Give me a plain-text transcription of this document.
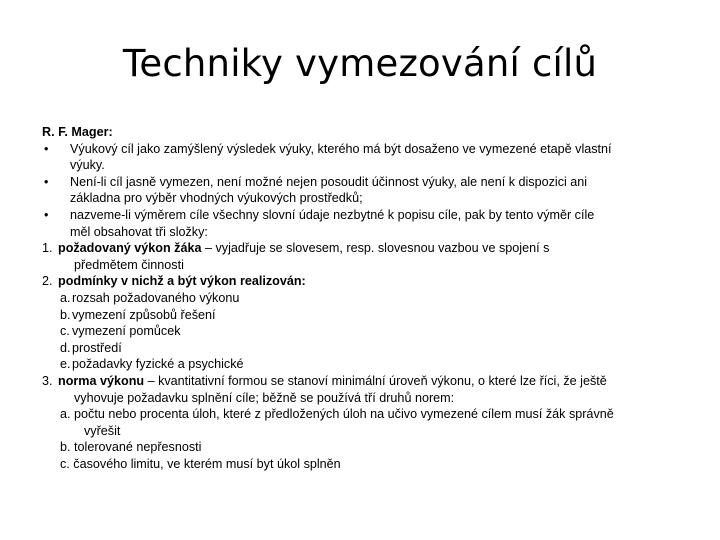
Techniky vymezování cílů
R. F. Mager:
• Výukový cíl jako zamýšlený výsledek výuky, kterého má být dosaženo ve vymezené etapě vlastní
výuky.
• Není-li cíl jasně vymezen, není možné nejen posoudit účinnost výuky, ale není k dispozici ani
základna pro výběr vhodných výukových prostředků;
• nazveme-li výměrem cíle všechny slovní údaje nezbytné k popisu cíle, pak by tento výměr cíle
měl obsahovat tři složky:
1. požadovaný výkon žáka – vyjadřuje se slovesem, resp. slovesnou vazbou ve spojení s
předmětem činnosti
2. podmínky v nichž a být výkon realizován:
a. rozsah požadovaného výkonu
b. vymezení způsobů řešení
c. vymezení pomůcek
d. prostředí
e. požadavky fyzické a psychické
3. norma výkonu – kvantitativní formou se stanoví minimální úroveň výkonu, o které lze říci, že ještě
vyhovuje požadavku splnění cíle; běžně se používá tří druhů norem:
a. počtu nebo procenta úloh, které z předložených úloh na učivo vymezené cílem musí žák správně
vyřešit
b. tolerované nepřesnosti
c. časového limitu, ve kterém musí byt úkol splněn
